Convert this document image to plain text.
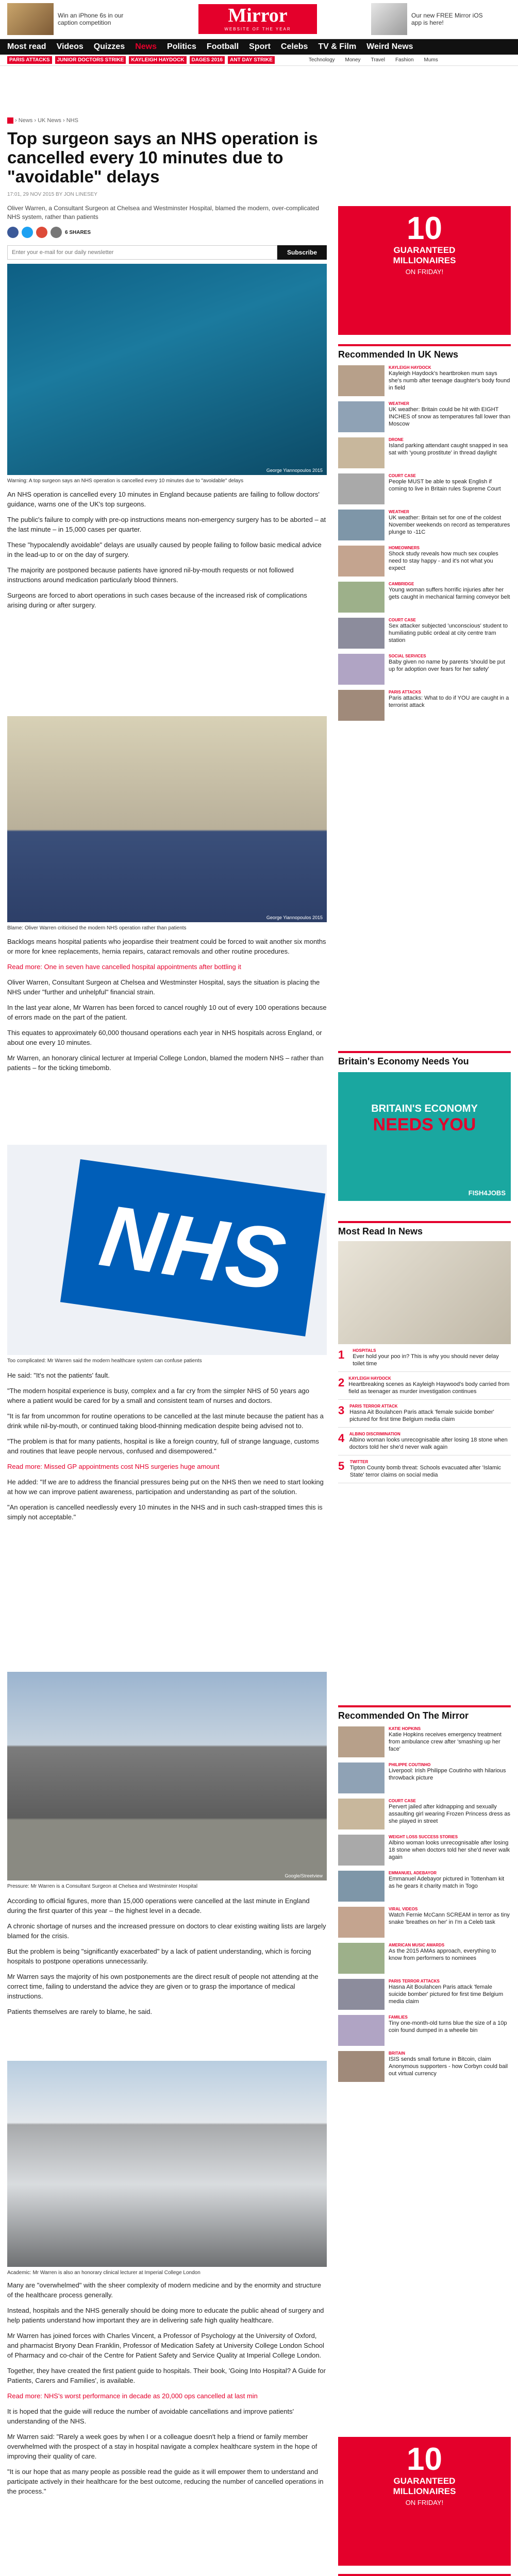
Win an iPhone 6s in our caption competition	Mirror
WEBSITE OF THE YEAR
Our new FREE Mirror iOS app is here!
Most read Videos Quizzes News Politics Football Sport Celebs TV & Film Weird News
PARIS ATTACKS	JUNIOR DOCTORS STRIKE	KAYLEIGH HAYDOCK	DAGES 2016	ANT DAY STRIKE	Technology Money Travel Fashion Mums
› News › UK News › NHS
Top surgeon says an NHS operation is cancelled every 10 minutes due to "avoidable" delays
17:01, 29 NOV 2015 BY JON LINESEY
Oliver Warren, a Consultant Surgeon at Chelsea and Westminster Hospital, blamed the modern, over-complicated NHS system, rather than patients
6 SHARES
Enter your e-mail for our daily newsletter
Subscribe
George Yiannopoulos 2015
Warning: A top surgeon says an NHS operation is cancelled every 10 minutes due to "avoidable" delays

An NHS operation is cancelled every 10 minutes in England because patients are failing to follow doctors' guidance, warns one of the UK's top surgeons.

The public's failure to comply with pre-op instructions means non-emergency surgery has to be aborted – at the last minute – in 15,000 cases per quarter.

These "hypocalendly avoidable" delays are usually caused by people failing to follow basic medical advice in the lead-up to or on the day of surgery.

The majority are postponed because patients have ignored nil-by-mouth requests or not followed instructions around medication particularly blood thinners.

Surgeons are forced to abort operations in such cases because of the increased risk of complications arising during or after surgery.

George Yiannopoulos 2015
Blame: Oliver Warren criticised the modern NHS operation rather than patients

Backlogs means hospital patients who jeopardise their treatment could be forced to wait another six months or more for knee replacements, hernia repairs, cataract removals and other routine procedures.

Read more: One in seven have cancelled hospital appointments after bottling it

Oliver Warren, Consultant Surgeon at Chelsea and Westminster Hospital, says the situation is placing the NHS under "further and unhelpful" financial strain.

In the last year alone, Mr Warren has been forced to cancel roughly 10 out of every 100 operations because of errors made on the part of the patient.

This equates to approximately 60,000 thousand operations each year in NHS hospitals across England, or about one every 10 minutes.

Mr Warren, an honorary clinical lecturer at Imperial College London, blamed the modern NHS – rather than patients – for the ticking timebomb.

NHS
Too complicated: Mr Warren said the modern healthcare system can confuse patients

He said: "It's not the patients' fault.

"The modern hospital experience is busy, complex and a far cry from the simpler NHS of 50 years ago where a patient would be cared for by a small and consistent team of nurses and doctors.

"It is far from uncommon for routine operations to be cancelled at the last minute because the patient has a drink while nil-by-mouth, or continued taking blood-thinning medication despite being advised not to.

"The problem is that for many patients, hospital is like a foreign country, full of strange language, customs and routines that leave people nervous, confused and disempowered."

Read more: Missed GP appointments cost NHS surgeries huge amount

He added: "If we are to address the financial pressures being put on the NHS then we need to start looking at how we can improve patient awareness, participation and understanding as part of the solution.

"An operation is cancelled needlessly every 10 minutes in the NHS and in such cash-strapped times this is simply not acceptable."

Google/Streetview
Pressure: Mr Warren is a Consultant Surgeon at Chelsea and Westminster Hospital

According to official figures, more than 15,000 operations were cancelled at the last minute in England during the first quarter of this year – the highest level in a decade.

A chronic shortage of nurses and the increased pressure on doctors to clear existing waiting lists are largely blamed for the crisis.

But the problem is being "significantly exacerbated" by a lack of patient understanding, which is forcing hospitals to postpone operations unnecessarily.

Mr Warren says the majority of his own postponements are the direct result of people not attending at the correct time, failing to understand the advice they are given or to grasp the importance of medical instructions.

Patients themselves are rarely to blame, he said.

Academic: Mr Warren is also an honorary clinical lecturer at Imperial College London

Many are "overwhelmed" with the sheer complexity of modern medicine and by the enormity and structure of the healthcare process generally.

Instead, hospitals and the NHS generally should be doing more to educate the public ahead of surgery and help patients understand how important they are in delivering safe high quality healthcare.

Mr Warren has joined forces with Charles Vincent, a Professor of Psychology at the University of Oxford, and pharmacist Bryony Dean Franklin, Professor of Medication Safety at University College London School of Pharmacy and co-chair of the Centre for Patient Safety and Service Quality at Imperial College London.

Together, they have created the first patient guide to hospitals. Their book, 'Going Into Hospital? A Guide for Patients, Carers and Families', is available.

Read more: NHS's worst performance in decade as 20,000 ops cancelled at last min

It is hoped that the guide will reduce the number of avoidable cancellations and improve patients' understanding of the NHS.

Mr Warren said: "Rarely a week goes by when I or a colleague doesn't help a friend or family member overwhelmed with the prospect of a stay in hospital navigate a complex healthcare system in the hope of improving their quality of care.

"It is our hope that as many people as possible read the guide as it will empower them to understand and participate actively in their healthcare for the best outcome, reducing the number of cancelled operations in the process."

10
GUARANTEED
MILLIONAIRES
ON FRIDAY!
Recommended In UK News
KAYLEIGH HAYDOCK
Kayleigh Haydock's heartbroken mum says she's numb after teenage daughter's body found in field
WEATHER
UK weather: Britain could be hit with EIGHT INCHES of snow as temperatures fall lower than Moscow
DRONE
Island parking attendant caught snapped in sea sat with 'young prostitute' in thread daylight
COURT CASE
People MUST be able to speak English if coming to live in Britain rules Supreme Court
WEATHER
UK weather: Britain set for one of the coldest November weekends on record as temperatures plunge to -11C
HOMEOWNERS
Shock study reveals how much sex couples need to stay happy - and it's not what you expect
CAMBRIDGE
Young woman suffers horrific injuries after her gets caught in mechanical farming conveyor belt
COURT CASE
Sex attacker subjected 'unconscious' student to humiliating public ordeal at city centre tram station
SOCIAL SERVICES
Baby given no name by parents 'should be put up for adoption over fears for her safety'
PARIS ATTACKS
Paris attacks: What to do if YOU are caught in a terrorist attack
Britain's Economy Needs You
BRITAIN'S ECONOMY
NEEDS YOU
FISH4JOBS
Most Read In News
1	HOSPITALS
Ever hold your poo in? This is why you should never delay toilet time
2 KAYLEIGH HAYDOCK
Heartbreaking scenes as Kayleigh Haywood's body carried from field as teenager as murder investigation continues
3 PARIS TERROR ATTACK
Hasna Ait Boulahcen Paris attack 'female suicide bomber' pictured for first time Belgium media claim
4 ALBINO DISCRIMINATION
Albino woman looks unrecognisable after losing 18 stone when doctors told her she'd never walk again
5	TWITTER
Tipton County bomb threat: Schools evacuated after 'Islamic State' terror claims on social media
Recommended On The Mirror
KATIE HOPKINS
Katie Hopkins receives emergency treatment from ambulance crew after 'smashing up her face'
PHILIPPE COUTINHO
Liverpool: Irish Philippe Coutinho with hilarious throwback picture
COURT CASE
Pervert jailed after kidnapping and sexually assaulting girl wearing Frozen Princess dress as she played in street
WEIGHT LOSS SUCCESS STORIES
Albino woman looks unrecognisable after losing 18 stone when doctors told her she'd never walk again
EMMANUEL ADEBAYOR
Emmanuel Adebayor pictured in Tottenham kit as he gears it charity match in Togo
VIRAL VIDEOS
Watch Fernie McCann SCREAM in terror as tiny snake 'breathes on her' in I'm a Celeb task
AMERICAN MUSIC AWARDS
As the 2015 AMAs approach, everything to know from performers to nominees
PARIS TERROR ATTACKS
Hasna Ait Boulahcen Paris attack 'female suicide bomber' pictured for first time Belgium media claim
FAMILIES
Tiny one-month-old turns blue the size of a 10p coin found dumped in a wheelie bin
BRITAIN
ISIS sends small fortune in Bitcoin, claim Anonymous supporters - how Corbyn could bail out virtual currency
10
GUARANTEED
MILLIONAIRES
ON FRIDAY!
